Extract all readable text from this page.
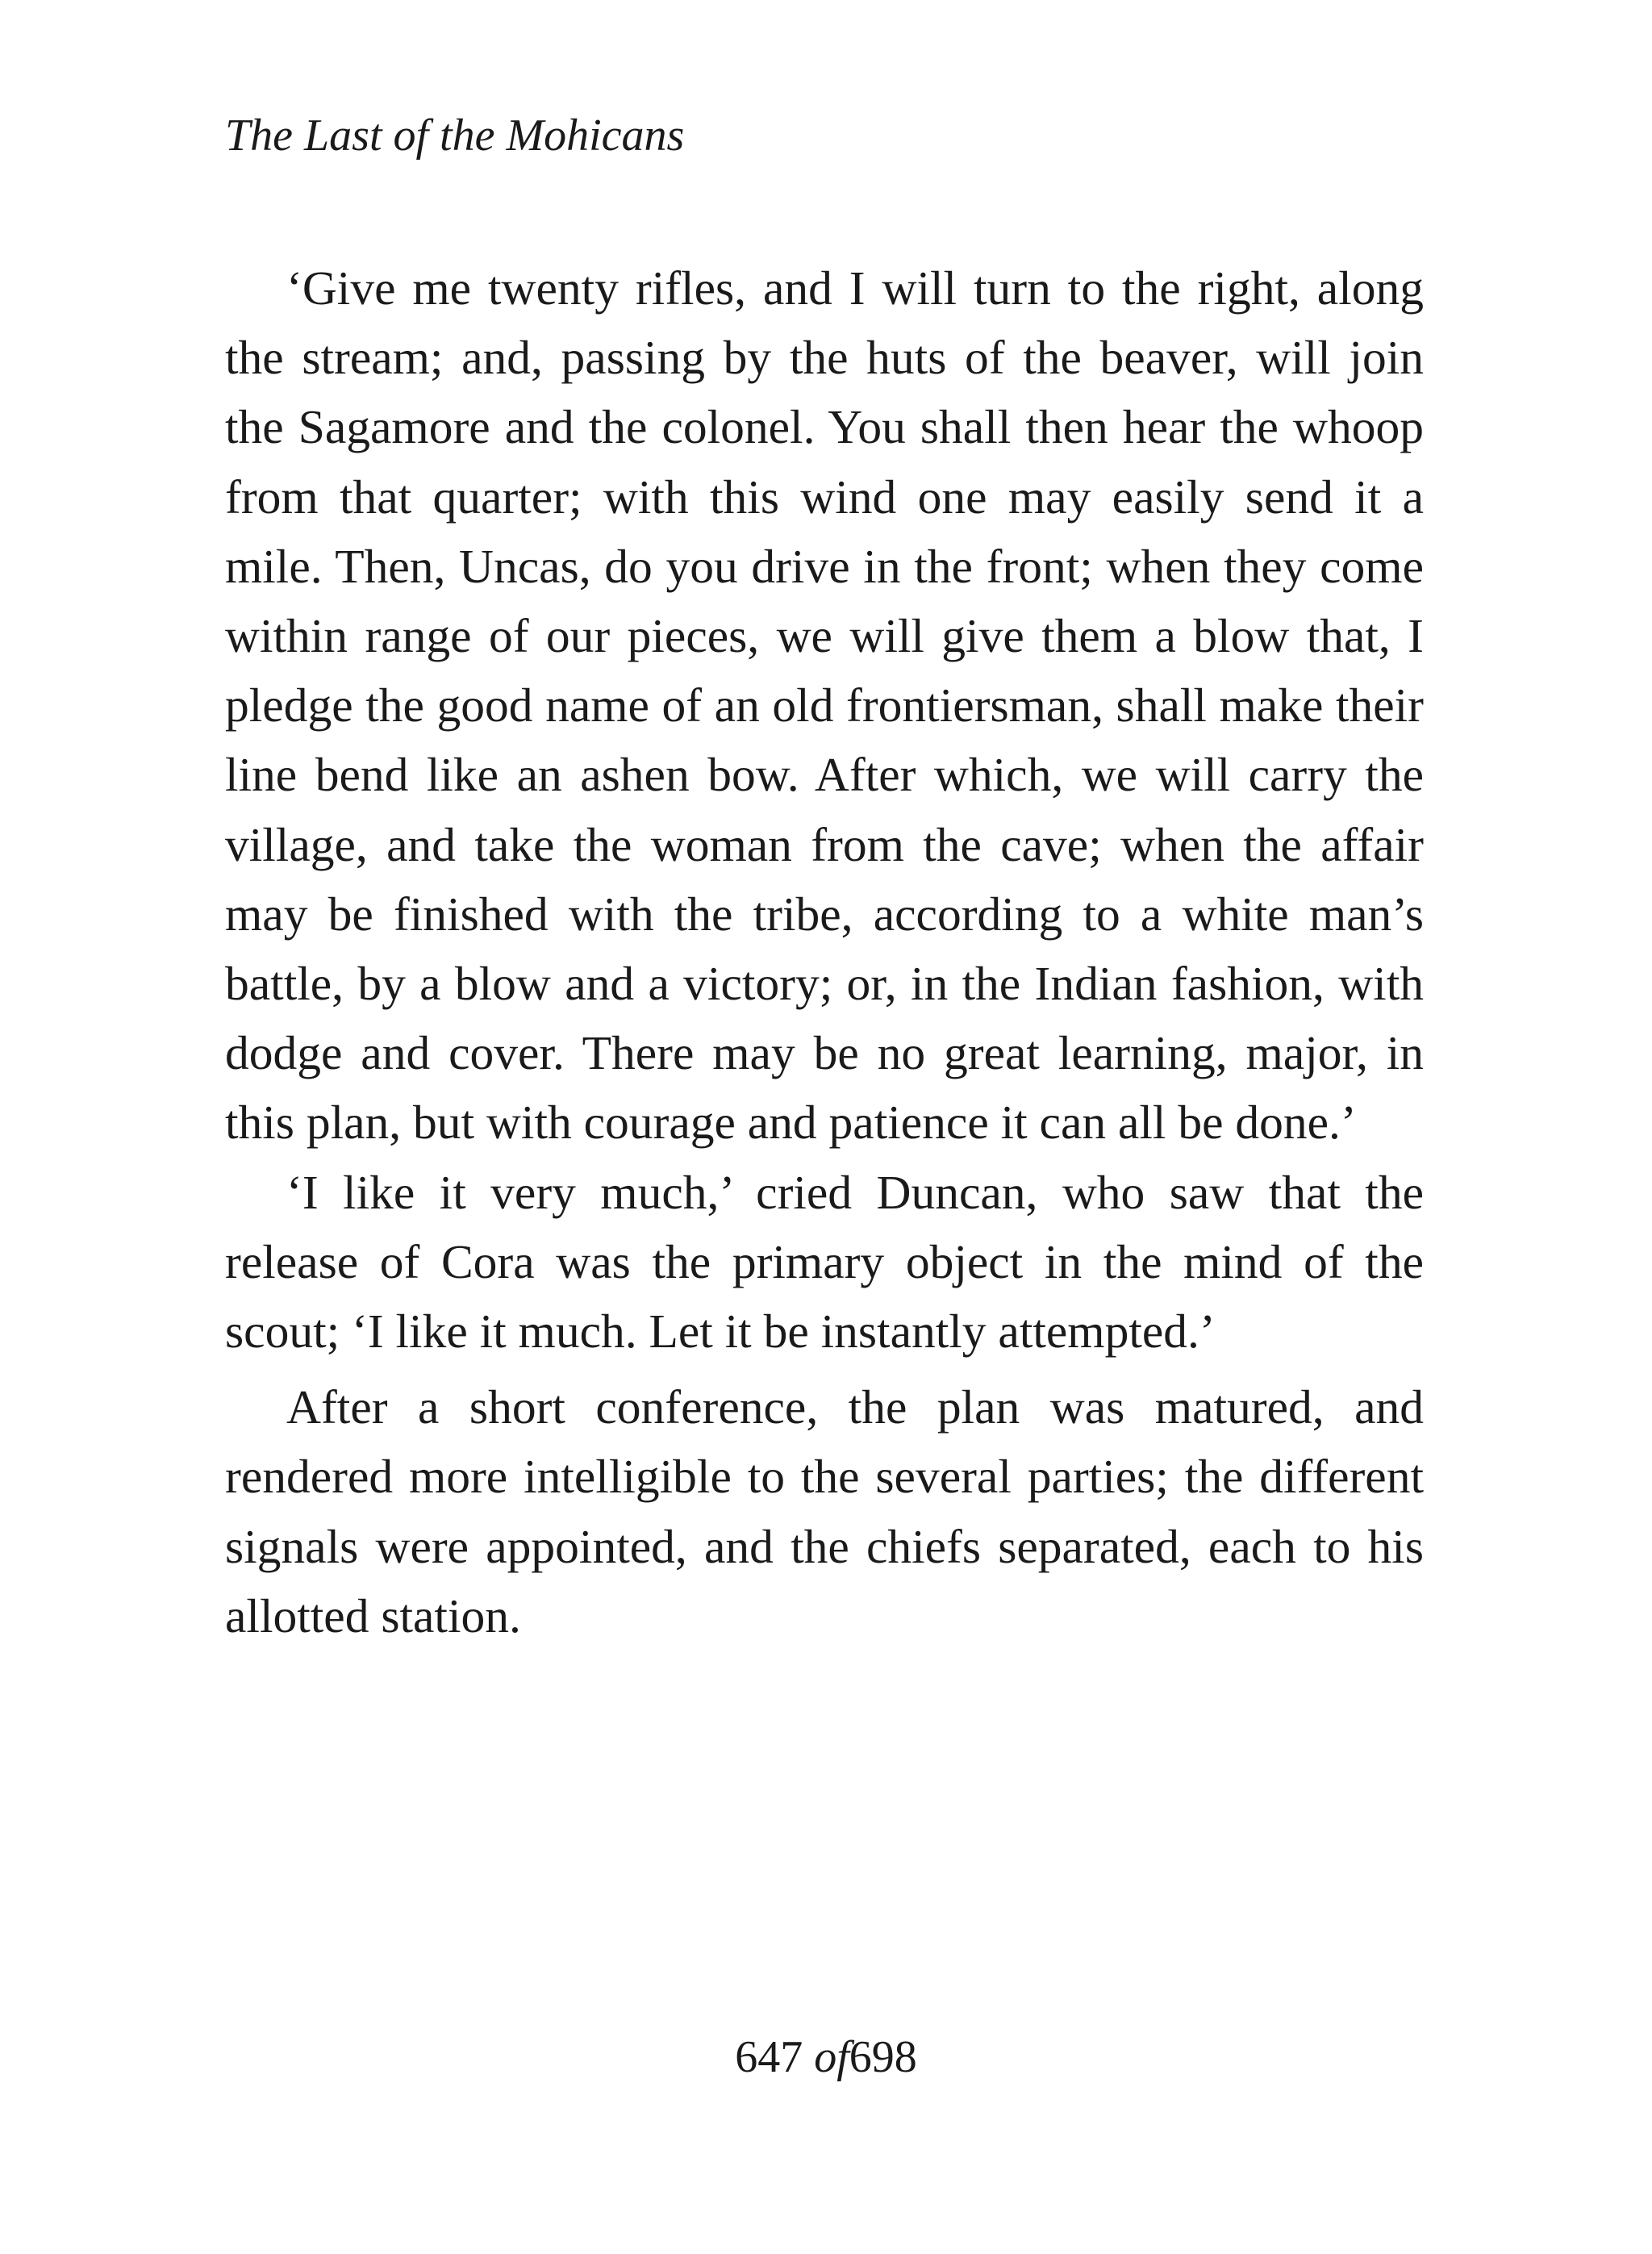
The Last of the Mohicans

‘Give me twenty rifles, and I will turn to the right, along the stream; and, passing by the huts of the beaver, will join the Sagamore and the colonel. You shall then hear the whoop from that quarter; with this wind one may easily send it a mile. Then, Uncas, do you drive in the front; when they come within range of our pieces, we will give them a blow that, I pledge the good name of an old frontiersman, shall make their line bend like an ashen bow. After which, we will carry the village, and take the woman from the cave; when the affair may be finished with the tribe, according to a white man’s battle, by a blow and a victory; or, in the Indian fashion, with dodge and cover. There may be no great learning, major, in this plan, but with courage and patience it can all be done.’

‘I like it very much,’ cried Duncan, who saw that the release of Cora was the primary object in the mind of the scout; ‘I like it much. Let it be instantly attempted.’

After a short conference, the plan was matured, and rendered more intelligible to the several parties; the different signals were appointed, and the chiefs separated, each to his allotted station.

647 of698
